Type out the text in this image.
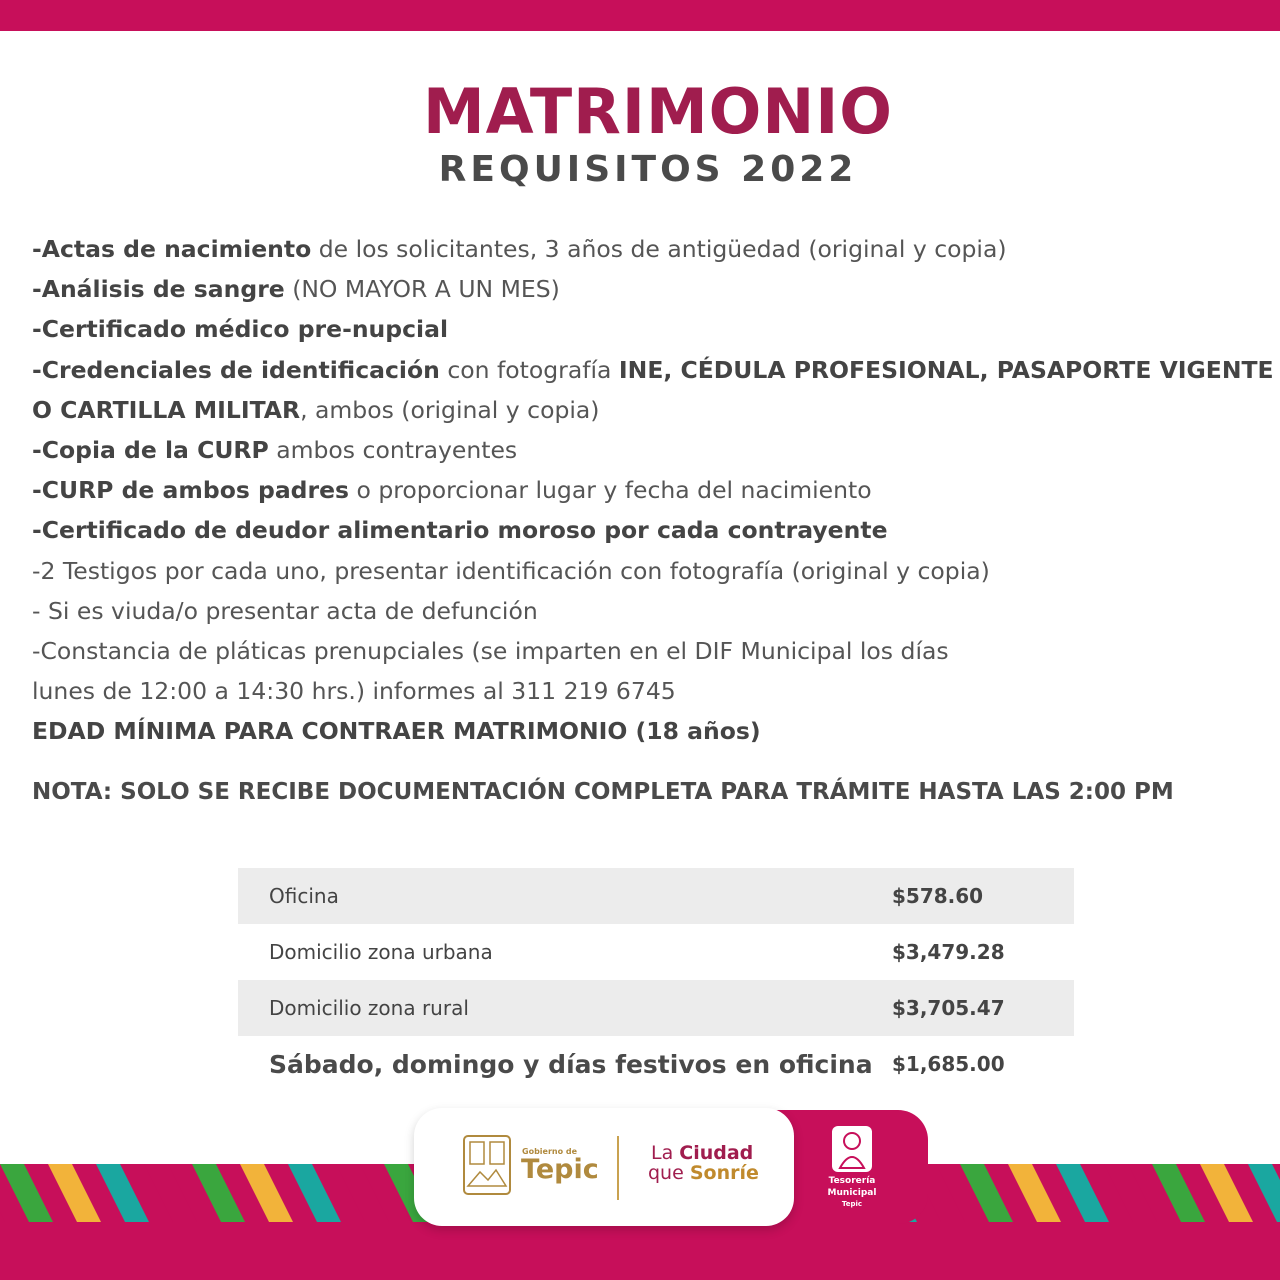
MATRIMONIO
REQUISITOS 2022
-Actas de nacimiento de los solicitantes, 3 años de antigüedad (original y copia)
-Análisis de sangre (NO MAYOR A UN MES)
-Certificado médico pre-nupcial
-Credenciales de identificación con fotografía INE, CÉDULA PROFESIONAL, PASAPORTE VIGENTE
O CARTILLA MILITAR, ambos (original y copia)
-Copia de la CURP ambos contrayentes
-CURP de ambos padres o proporcionar lugar y fecha del nacimiento
-Certificado de deudor alimentario moroso por cada contrayente
-2 Testigos por cada uno, presentar identificación con fotografía (original y copia)
- Si es viuda/o presentar acta de defunción
-Constancia de pláticas prenupciales (se imparten en el DIF Municipal los días
lunes de 12:00 a 14:30 hrs.) informes al 311 219 6745
EDAD MÍNIMA PARA CONTRAER MATRIMONIO (18 años)
NOTA: SOLO SE RECIBE DOCUMENTACIÓN COMPLETA PARA TRÁMITE HASTA LAS 2:00 PM
Oficina	$578.60
Domicilio zona urbana	$3,479.28
Domicilio zona rural	$3,705.47
Sábado, domingo y días festivos en oficina $1,685.00
Gobierno de
Tepic
La Ciudad
que Sonríe	Tesorería
Municipal
Tepic
